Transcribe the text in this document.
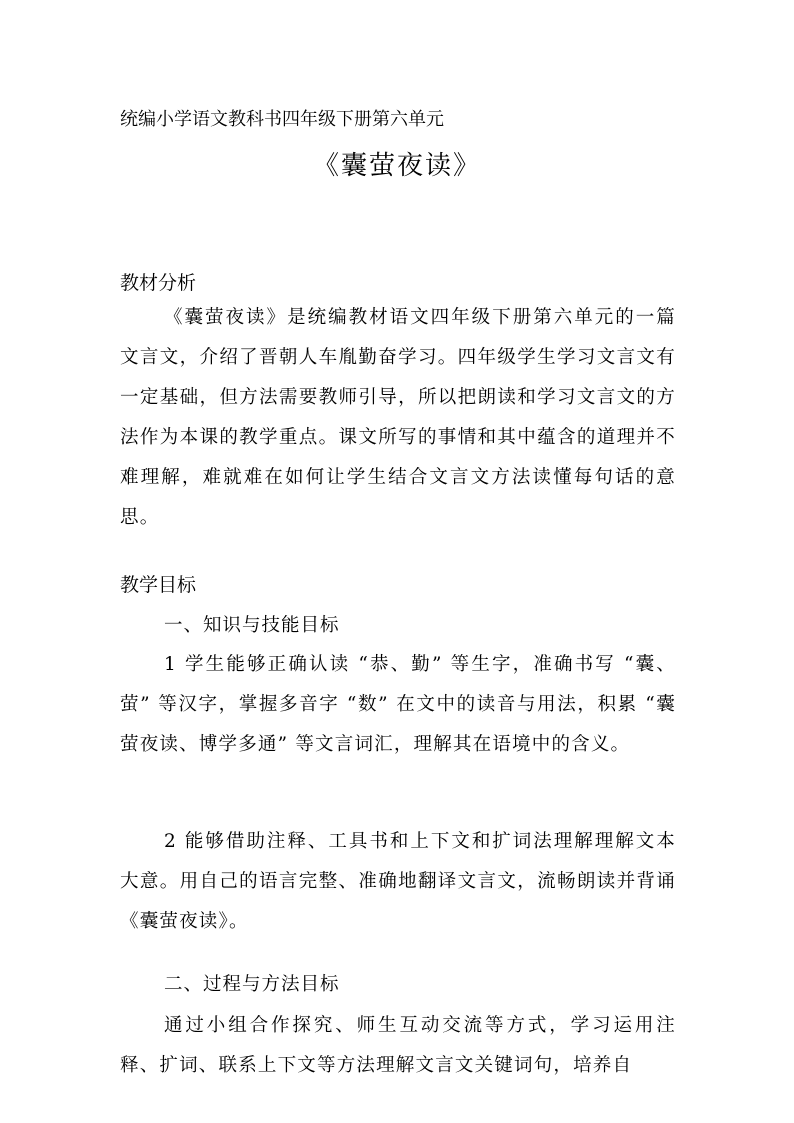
统编小学语文教科书四年级下册第六单元
《囊萤夜读》
教材分析
《囊萤夜读》是统编教材语文四年级下册第六单元的一篇文言文，介绍了晋朝人车胤勤奋学习。四年级学生学习文言文有一定基础，但方法需要教师引导，所以把朗读和学习文言文的方法作为本课的教学重点。课文所写的事情和其中蕴含的道理并不难理解，难就难在如何让学生结合文言文方法读懂每句话的意思。
教学目标
一、知识与技能目标
1 学生能够正确认读 “恭、勤” 等生字，准确书写 “囊、萤” 等汉字，掌握多音字 “数” 在文中的读音与用法，积累 “囊萤夜读、博学多通” 等文言词汇，理解其在语境中的含义。
2 能够借助注释、工具书和上下文和扩词法理解理解文本大意。用自己的语言完整、准确地翻译文言文，流畅朗读并背诵《囊萤夜读》。
二、过程与方法目标
通过小组合作探究、师生互动交流等方式，学习运用注释、扩词、联系上下文等方法理解文言文关键词句，培养自
